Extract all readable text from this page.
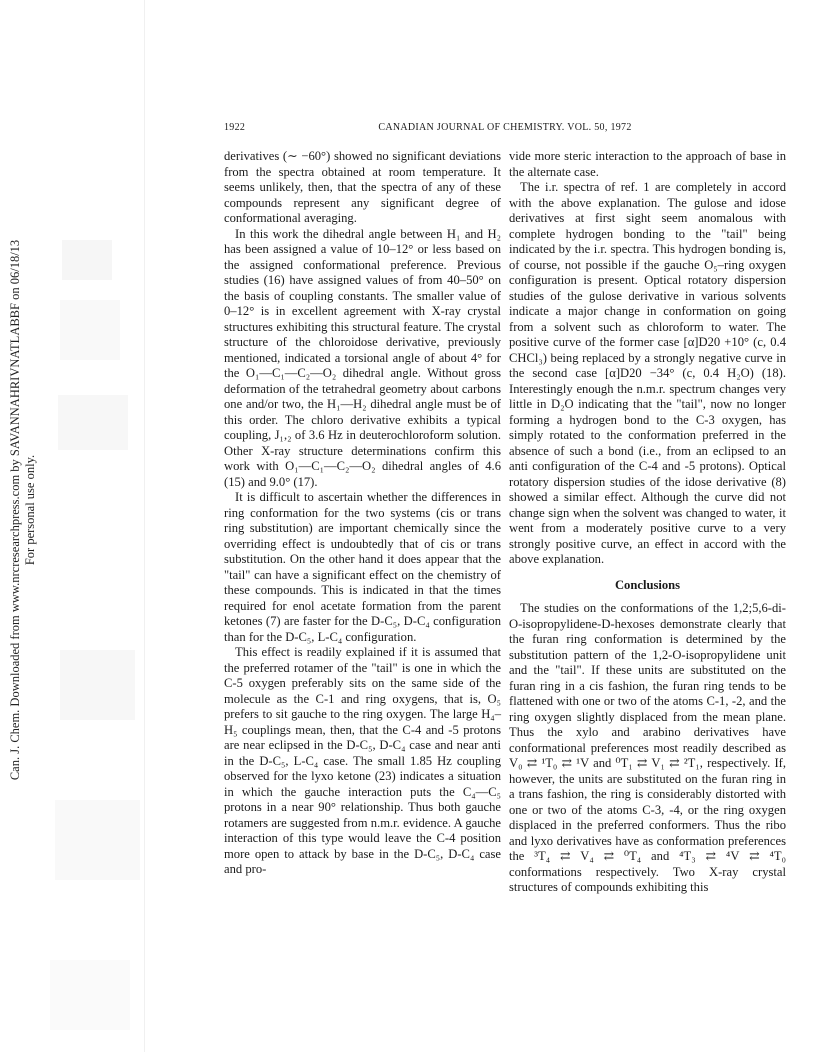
Can. J. Chem. Downloaded from www.nrcresearchpress.com by SAVANNAHRIVNATLABBF on 06/18/13 For personal use only.
1922	CANADIAN JOURNAL OF CHEMISTRY. VOL. 50, 1972

derivatives (∼ −60°) showed no significant deviations from the spectra obtained at room temperature. It seems unlikely, then, that the spectra of any of these compounds represent any significant degree of conformational averaging.

In this work the dihedral angle between H₁ and H₂ has been assigned a value of 10–12° or less based on the assigned conformational preference. Previous studies (16) have assigned values of from 40–50° on the basis of coupling constants. The smaller value of 0–12° is in excellent agreement with X-ray crystal structures exhibiting this structural feature. The crystal structure of the chloroidose derivative, previously mentioned, indicated a torsional angle of about 4° for the O₁—C₁—C₂—O₂ dihedral angle. Without gross deformation of the tetrahedral geometry about carbons one and/or two, the H₁—H₂ dihedral angle must be of this order. The chloro derivative exhibits a typical coupling, J₁,₂ of 3.6 Hz in deuterochloroform solution. Other X-ray structure determinations confirm this work with O₁—C₁—C₂—O₂ dihedral angles of 4.6 (15) and 9.0° (17).

It is difficult to ascertain whether the differences in ring conformation for the two systems (cis or trans ring substitution) are important chemically since the overriding effect is undoubtedly that of cis or trans substitution. On the other hand it does appear that the "tail" can have a significant effect on the chemistry of these compounds. This is indicated in that the times required for enol acetate formation from the parent ketones (7) are faster for the D-C₅, D-C₄ configuration than for the D-C₅, L-C₄ configuration.

This effect is readily explained if it is assumed that the preferred rotamer of the "tail" is one in which the C-5 oxygen preferably sits on the same side of the molecule as the C-1 and ring oxygens, that is, O₅ prefers to sit gauche to the ring oxygen. The large H₄–H₅ couplings mean, then, that the C-4 and -5 protons are near eclipsed in the D-C₅, D-C₄ case and near anti in the D-C₅, L-C₄ case. The small 1.85 Hz coupling observed for the lyxo ketone (23) indicates a situation in which the gauche interaction puts the C₄—C₅ protons in a near 90° relationship. Thus both gauche rotamers are suggested from n.m.r. evidence. A gauche interaction of this type would leave the C-4 position more open to attack by base in the D-C₅, D-C₄ case and pro-

vide more steric interaction to the approach of base in the alternate case.

The i.r. spectra of ref. 1 are completely in accord with the above explanation. The gulose and idose derivatives at first sight seem anomalous with complete hydrogen bonding to the "tail" being indicated by the i.r. spectra. This hydrogen bonding is, of course, not possible if the gauche O₅–ring oxygen configuration is present. Optical rotatory dispersion studies of the gulose derivative in various solvents indicate a major change in conformation on going from a solvent such as chloroform to water. The positive curve of the former case [α]D20 +10° (c, 0.4 CHCl₃) being replaced by a strongly negative curve in the second case [α]D20 −34° (c, 0.4 H₂O) (18). Interestingly enough the n.m.r. spectrum changes very little in D₂O indicating that the "tail", now no longer forming a hydrogen bond to the C-3 oxygen, has simply rotated to the conformation preferred in the absence of such a bond (i.e., from an eclipsed to an anti configuration of the C-4 and -5 protons). Optical rotatory dispersion studies of the idose derivative (8) showed a similar effect. Although the curve did not change sign when the solvent was changed to water, it went from a moderately positive curve to a very strongly positive curve, an effect in accord with the above explanation.

Conclusions

The studies on the conformations of the 1,2;5,6-di-O-isopropylidene-D-hexoses demonstrate clearly that the furan ring conformation is determined by the substitution pattern of the 1,2-O-isopropylidene unit and the "tail". If these units are substituted on the furan ring in a cis fashion, the furan ring tends to be flattened with one or two of the atoms C-1, -2, and the ring oxygen slightly displaced from the mean plane. Thus the xylo and arabino derivatives have conformational preferences most readily described as V₀ ⇄ ¹T₀ ⇄ ¹V and ⁰T₁ ⇄ V₁ ⇄ ²T₁, respectively. If, however, the units are substituted on the furan ring in a trans fashion, the ring is considerably distorted with one or two of the atoms C-3, -4, or the ring oxygen displaced in the preferred conformers. Thus the ribo and lyxo derivatives have as conformation preferences the ³T₄ ⇄ V₄ ⇄ ⁰T₄ and ⁴T₃ ⇄ ⁴V ⇄ ⁴T₀ conformations respectively. Two X-ray crystal structures of compounds exhibiting this
